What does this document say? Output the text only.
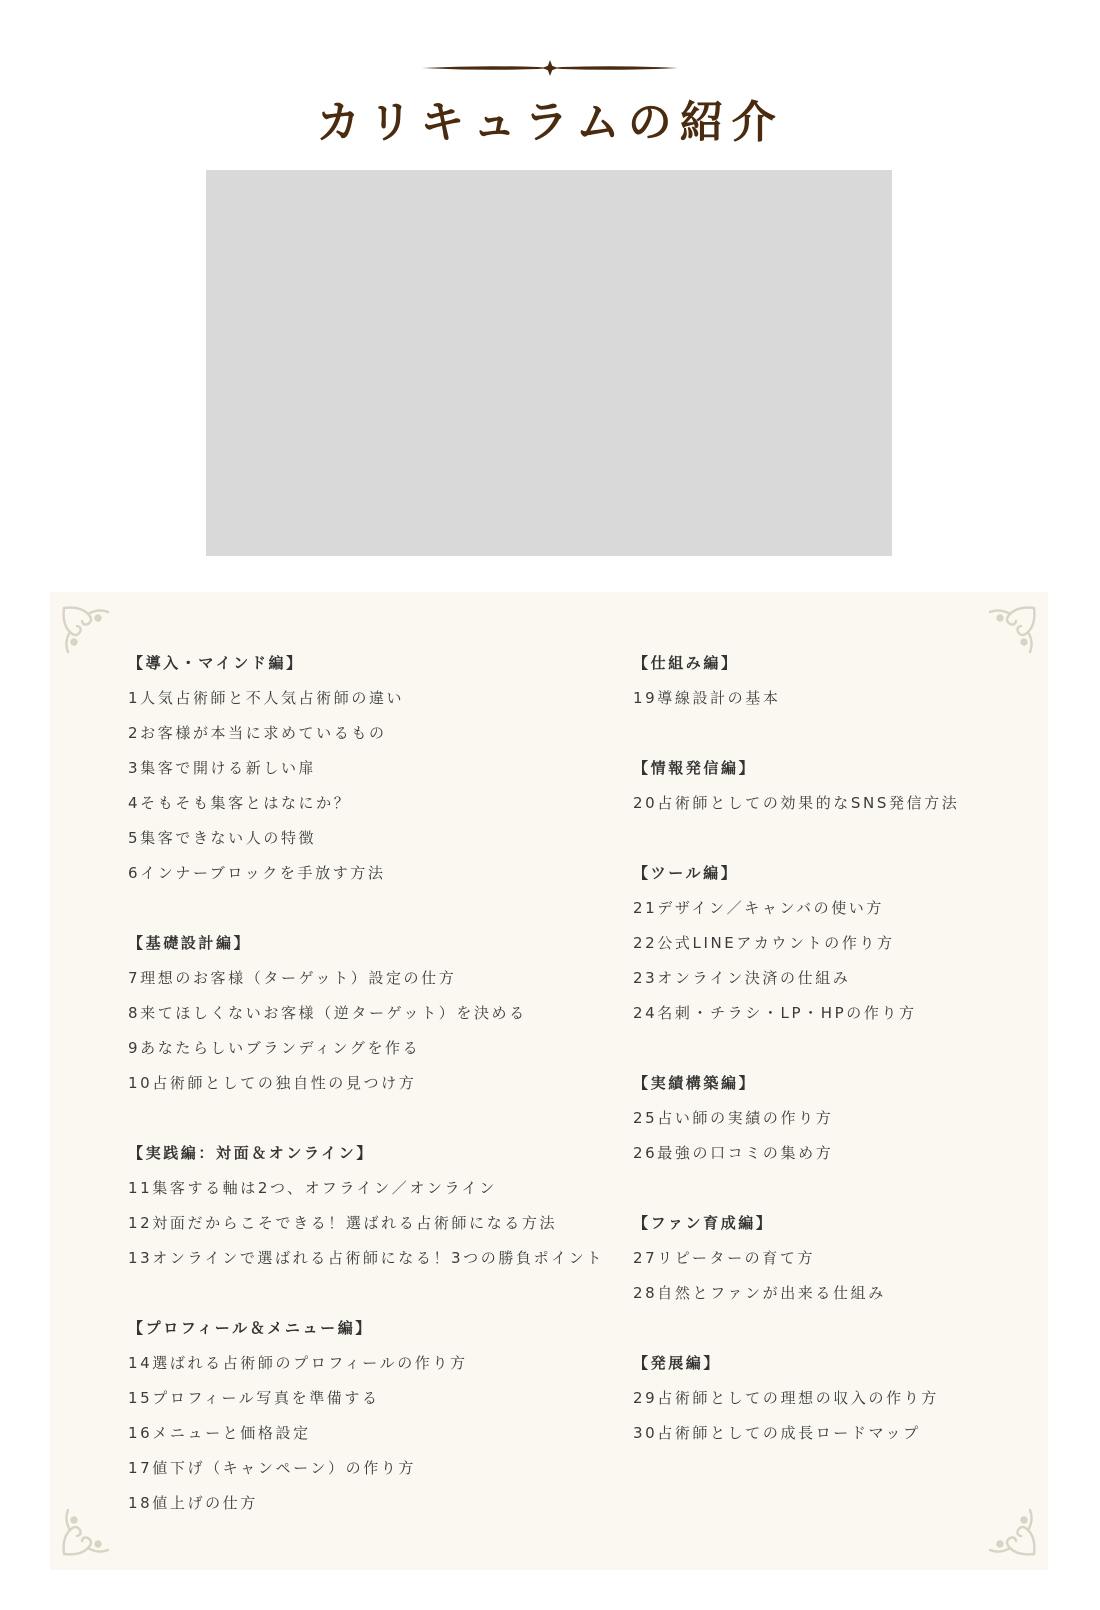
カリキュラムの紹介
【導入・マインド編】
1人気占術師と不人気占術師の違い
2お客様が本当に求めているもの
3集客で開ける新しい扉
4そもそも集客とはなにか？
5集客できない人の特徴
6インナーブロックを手放す方法
【基礎設計編】
7理想のお客様（ターゲット）設定の仕方
8来てほしくないお客様（逆ターゲット）を決める
9あなたらしいブランディングを作る
10占術師としての独自性の見つけ方
【実践編：対面＆オンライン】
11集客する軸は2つ、オフライン／オンライン
12対面だからこそできる！選ばれる占術師になる方法
13オンラインで選ばれる占術師になる！3つの勝負ポイント
【プロフィール＆メニュー編】
14選ばれる占術師のプロフィールの作り方
15プロフィール写真を準備する
16メニューと価格設定
17値下げ（キャンペーン）の作り方
18値上げの仕方
【仕組み編】
19導線設計の基本
【情報発信編】
20占術師としての効果的なSNS発信方法
【ツール編】
21デザイン／キャンバの使い方
22公式LINEアカウントの作り方
23オンライン決済の仕組み
24名刺・チラシ・LP・HPの作り方
【実績構築編】
25占い師の実績の作り方
26最強の口コミの集め方
【ファン育成編】
27リピーターの育て方
28自然とファンが出来る仕組み
【発展編】
29占術師としての理想の収入の作り方
30占術師としての成長ロードマップ
